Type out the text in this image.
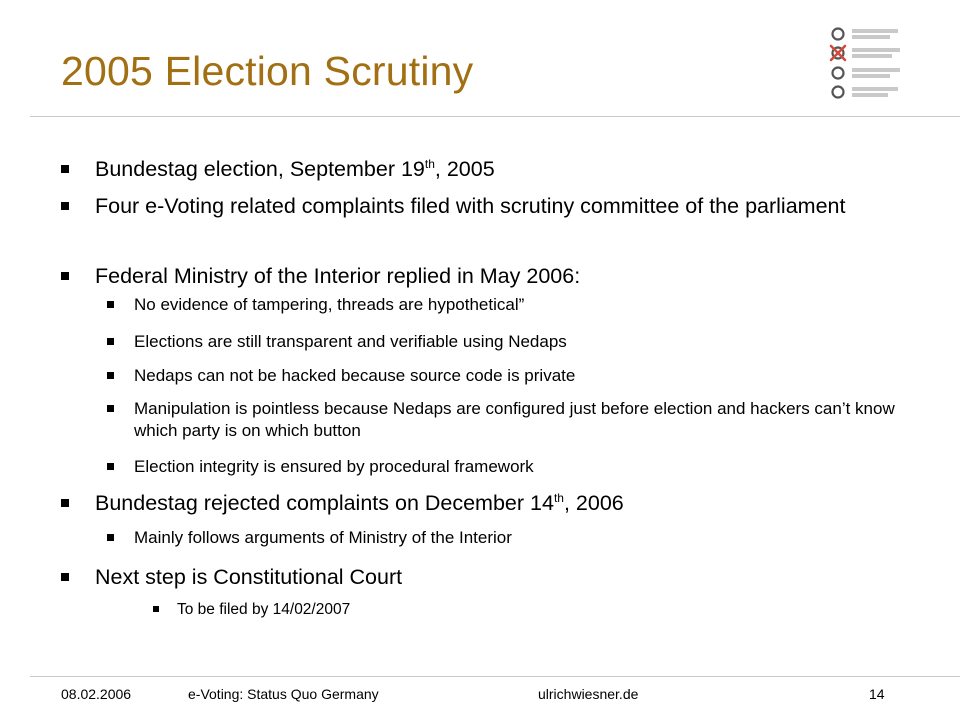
2005 Election Scrutiny
Bundestag election, September 19th, 2005
Four e-Voting related complaints filed with scrutiny committee of the parliament
Federal Ministry of the Interior replied in May 2006:
No evidence of tampering, threads are hypothetical”
Elections are still transparent and verifiable using Nedaps
Nedaps can not be hacked because source code is private
Manipulation is pointless because Nedaps are configured just before election and hackers can’t know which party is on which button
Election integrity is ensured by procedural framework
Bundestag rejected complaints on December 14th, 2006
Mainly follows arguments of Ministry of the Interior
Next step is Constitutional Court
To be filed by 14/02/2007
08.02.2006	e-Voting: Status Quo Germany	ulrichwiesner.de	14
